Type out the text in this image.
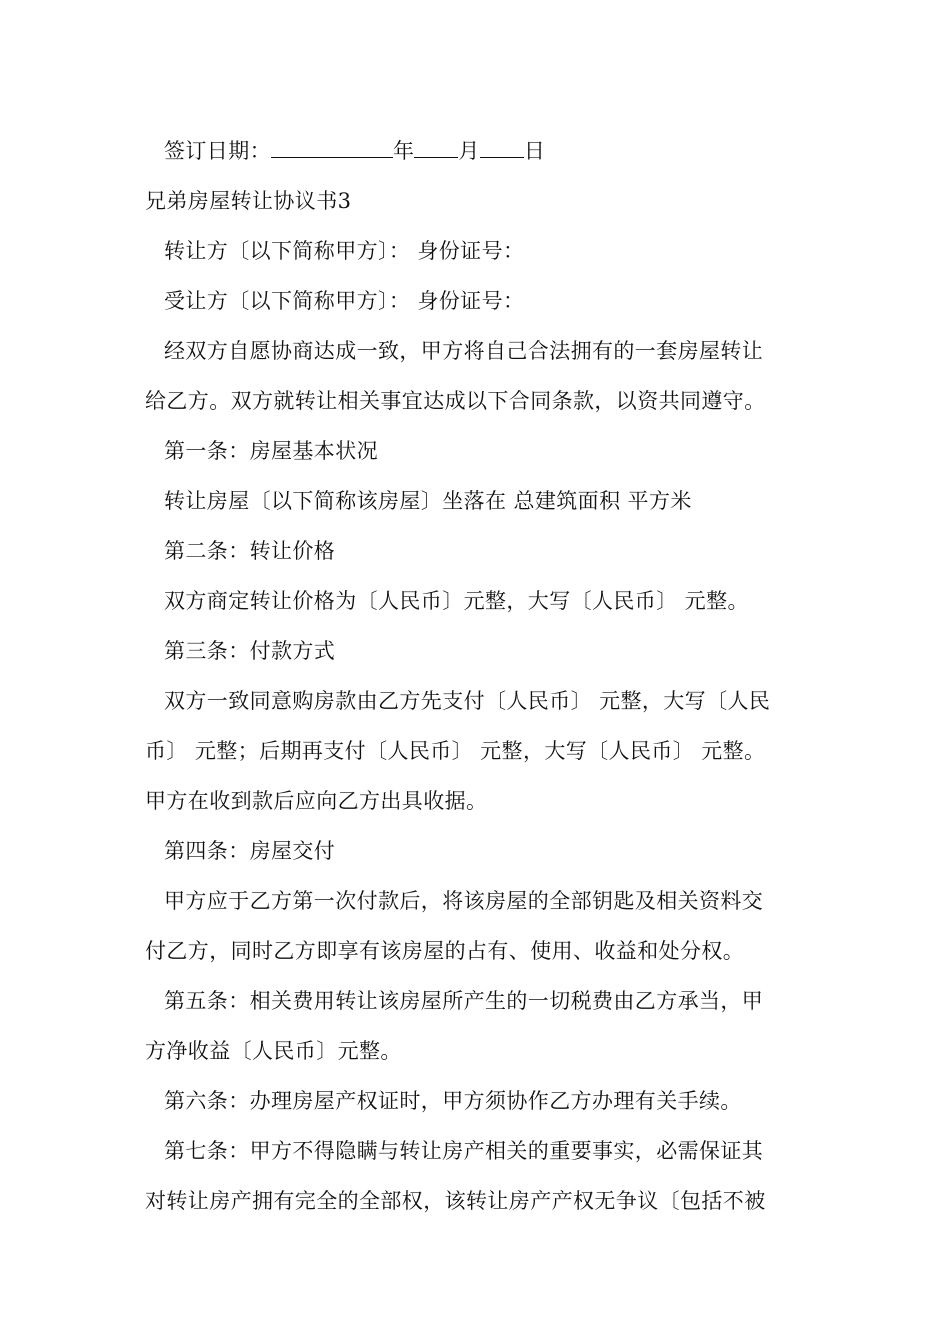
签订日期：	年 月 日
兄弟房屋转让协议书3
转让方〔以下简称甲方〕： 身份证号：
受让方〔以下简称甲方〕： 身份证号：
经双方自愿协商达成一致，甲方将自己合法拥有的一套房屋转让
给乙方。双方就转让相关事宜达成以下合同条款，以资共同遵守。
第一条：房屋基本状况
转让房屋〔以下简称该房屋〕坐落在 总建筑面积 平方米
第二条：转让价格
双方商定转让价格为〔人民币〕元整，大写〔人民币〕 元整。
第三条：付款方式
双方一致同意购房款由乙方先支付〔人民币〕 元整，大写〔人民
币〕 元整；后期再支付〔人民币〕 元整，大写〔人民币〕 元整。
甲方在收到款后应向乙方出具收据。
第四条：房屋交付
甲方应于乙方第一次付款后，将该房屋的全部钥匙及相关资料交
付乙方，同时乙方即享有该房屋的占有、使用、收益和处分权。
第五条：相关费用转让该房屋所产生的一切税费由乙方承当，甲
方净收益〔人民币〕元整。
第六条：办理房屋产权证时，甲方须协作乙方办理有关手续。
第七条：甲方不得隐瞒与转让房产相关的重要事实，必需保证其
对转让房产拥有完全的全部权，该转让房产产权无争议〔包括不被
